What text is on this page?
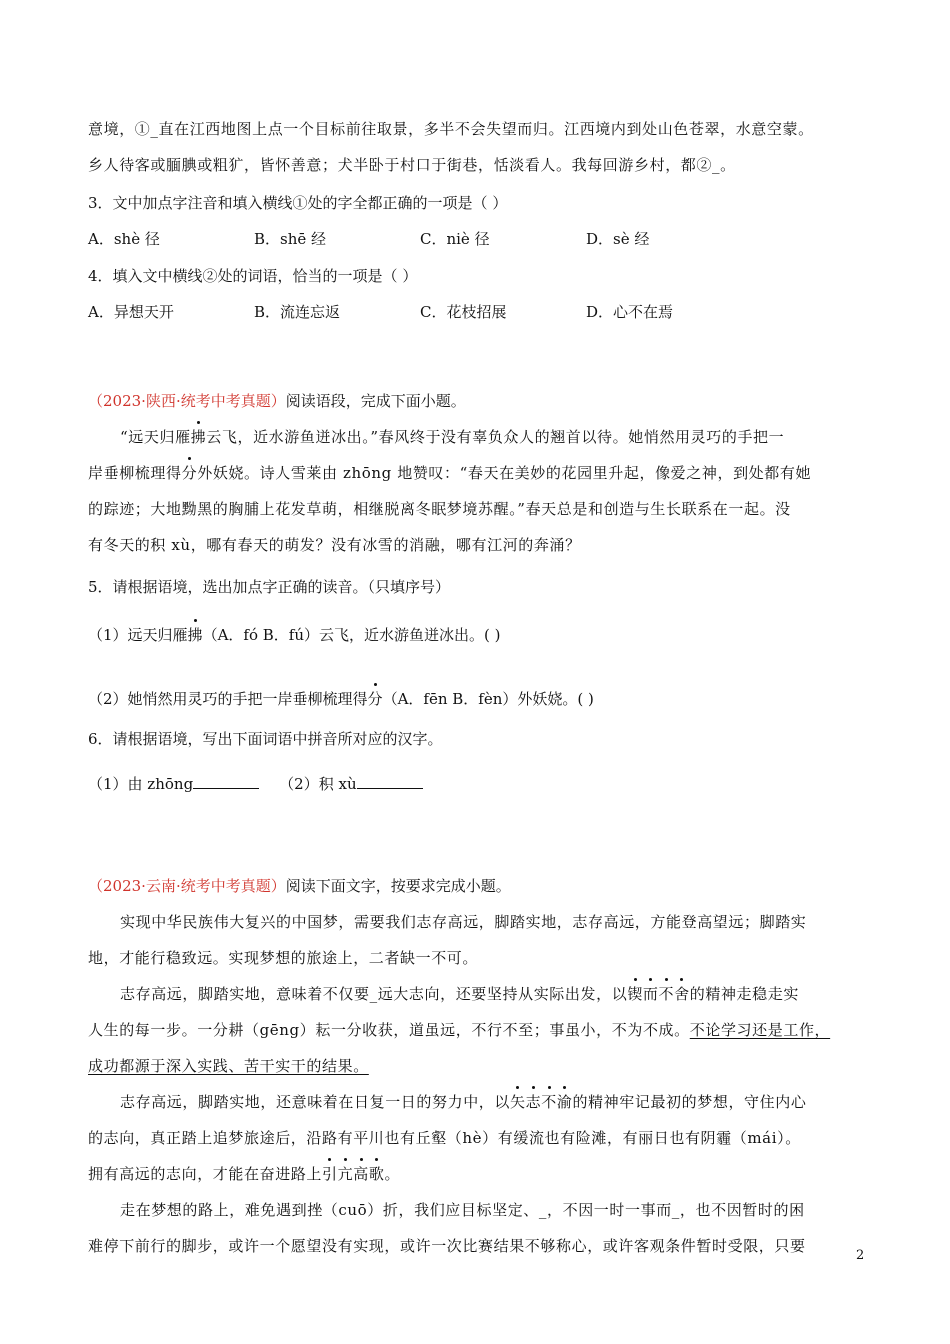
意境，①_直在江西地图上点一个目标前往取景，多半不会失望而归。江西境内到处山色苍翠，水意空蒙。
乡人待客或腼腆或粗犷，皆怀善意；犬半卧于村口于街巷，恬淡看人。我每回游乡村，都②_。
3．文中加点字注音和填入横线①处的字全都正确的一项是（ ）
A．shè 径	B．shē 经	C．niè 径	D．sè 经
4．填入文中横线②处的词语，恰当的一项是（ ）
A．异想天开	B．流连忘返	C．花枝招展	D．心不在焉
（2023·陕西·统考中考真题）阅读语段，完成下面小题。
“远天归雁拂云飞，近水游鱼迸冰出。”春风终于没有辜负众人的翘首以待。她悄然用灵巧的手把一
岸垂柳梳理得分外妖娆。诗人雪莱由 zhōng 地赞叹：“春天在美妙的花园里升起，像爱之神，到处都有她
的踪迹；大地黝黑的胸脯上花发草萌，相继脱离冬眠梦境苏醒。”春天总是和创造与生长联系在一起。没
有冬天的积 xù，哪有春天的萌发？没有冰雪的消融，哪有江河的奔涌？
5．请根据语境，选出加点字正确的读音。（只填序号）
（1）远天归雁拂（A．fó B．fú）云飞，近水游鱼迸冰出。( )
（2）她悄然用灵巧的手把一岸垂柳梳理得分（A．fēn B．fèn）外妖娆。( )
6．请根据语境，写出下面词语中拼音所对应的汉字。
（1）由 zhōng	（2）积 xù
（2023·云南·统考中考真题）阅读下面文字，按要求完成小题。
实现中华民族伟大复兴的中国梦，需要我们志存高远，脚踏实地，志存高远，方能登高望远；脚踏实
地，才能行稳致远。实现梦想的旅途上，二者缺一不可。
志存高远，脚踏实地，意味着不仅要_远大志向，还要坚持从实际出发，以锲而不舍的精神走稳走实
人生的每一步。一分耕（gēng）耘一分收获，道虽远，不行不至；事虽小，不为不成。不论学习还是工作，
成功都源于深入实践、苦干实干的结果。
志存高远，脚踏实地，还意味着在日复一日的努力中，以矢志不渝的精神牢记最初的梦想，守住内心
的志向，真正踏上追梦旅途后，沿路有平川也有丘壑（hè）有缓流也有险滩，有丽日也有阴霾（mái）。
拥有高远的志向，才能在奋进路上引亢高歌。
走在梦想的路上，难免遇到挫（cuō）折，我们应目标坚定、_，不因一时一事而_，也不因暂时的困
难停下前行的脚步，或许一个愿望没有实现，或许一次比赛结果不够称心，或许客观条件暂时受限，只要
2
